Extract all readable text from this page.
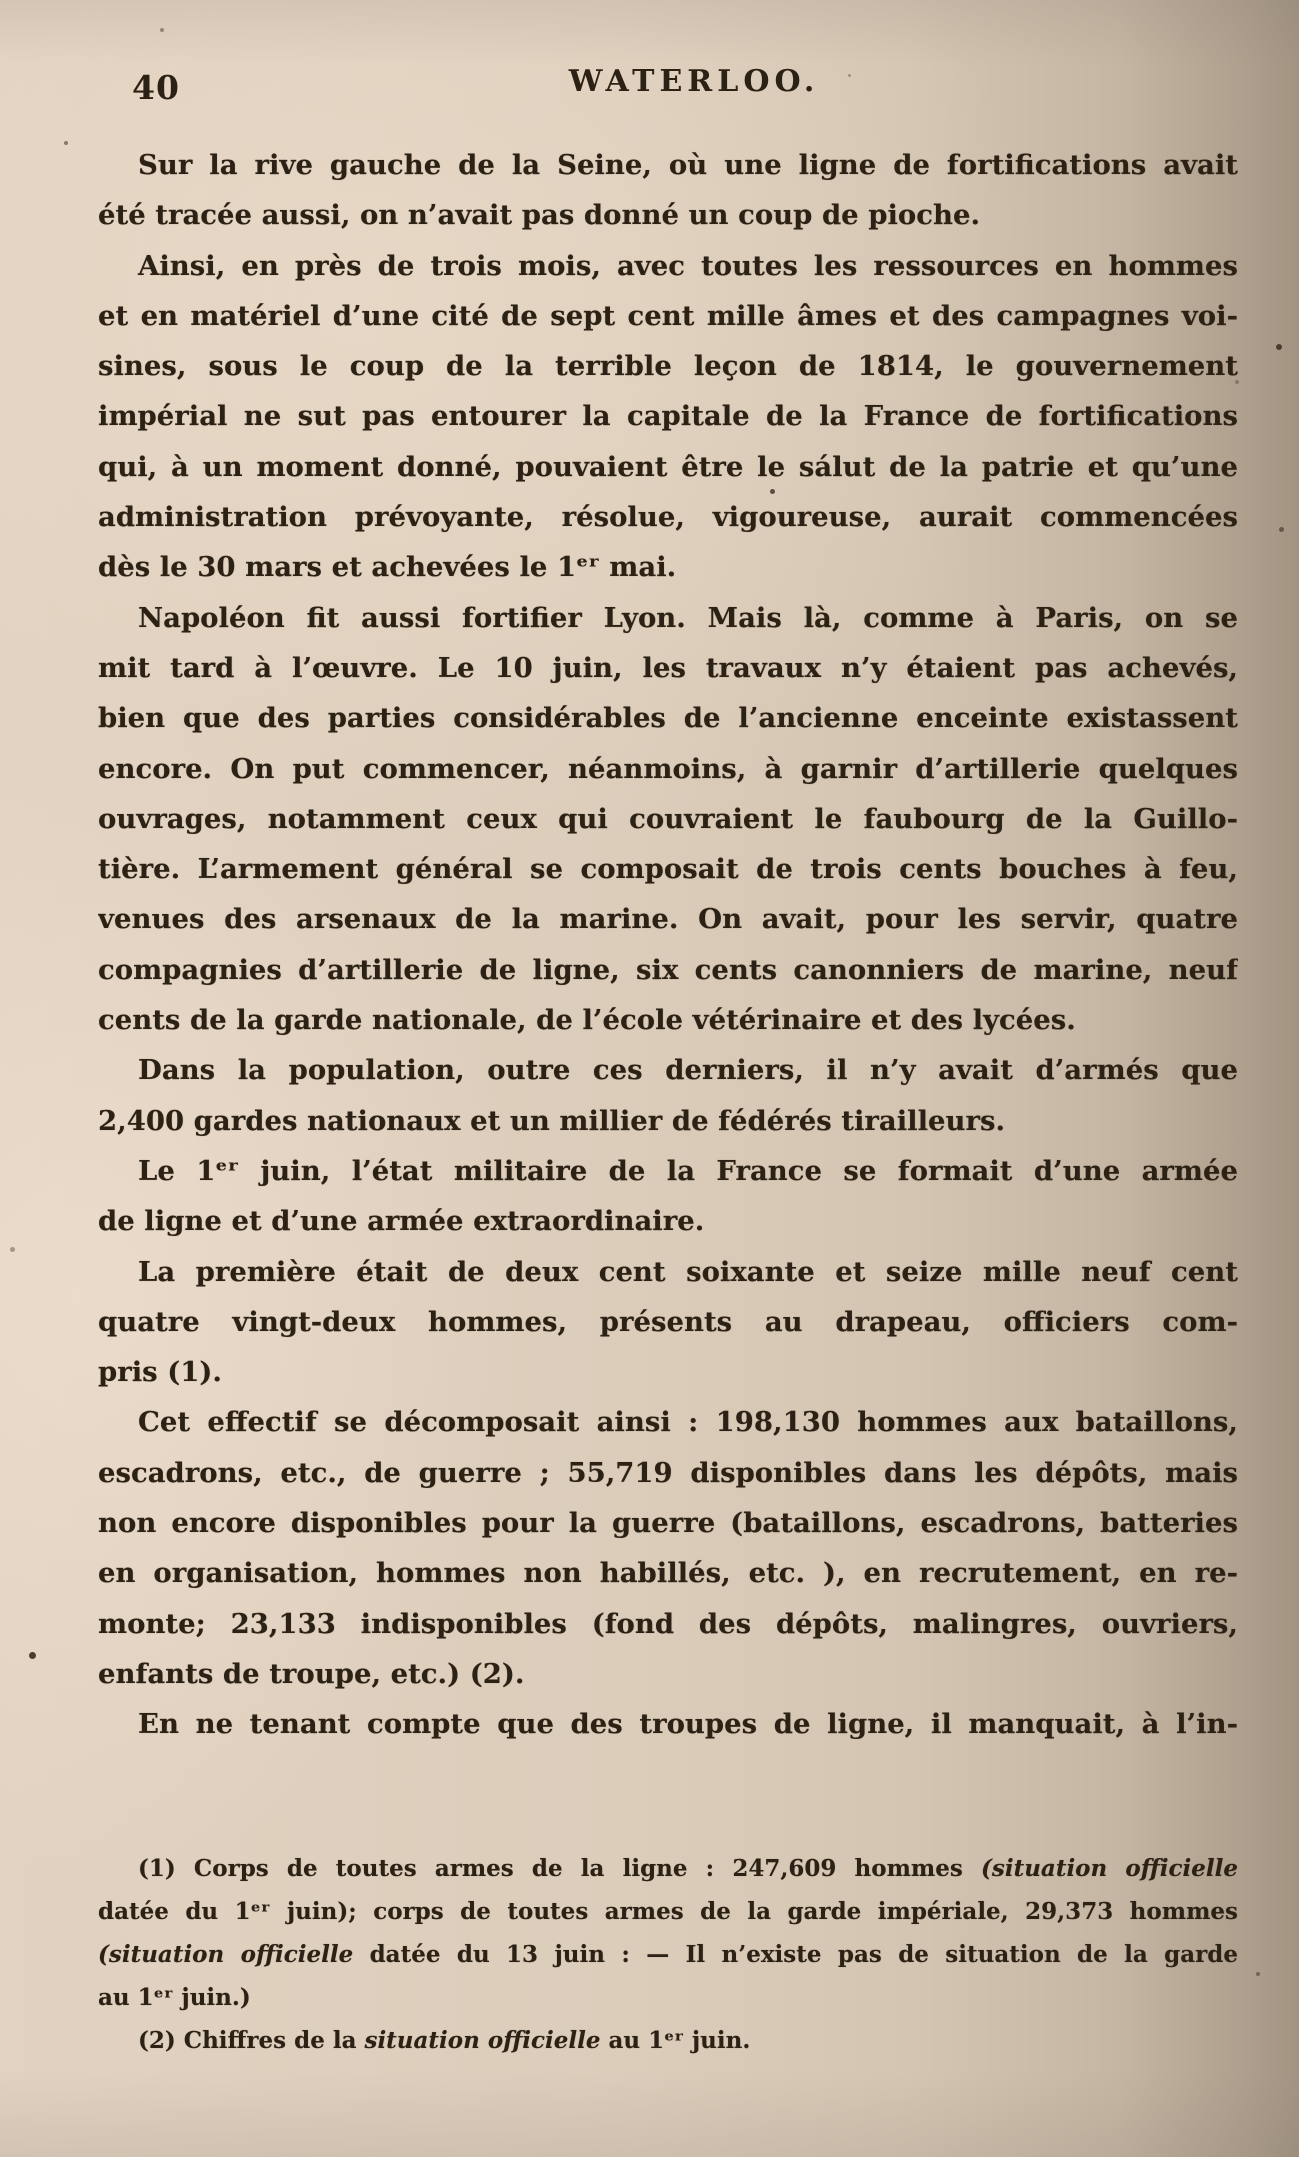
40	WATERLOO.
Sur la rive gauche de la Seine, où une ligne de fortifications avait
été tracée aussi, on n’avait pas donné un coup de pioche.
Ainsi, en près de trois mois, avec toutes les ressources en hommes
et en matériel d’une cité de sept cent mille âmes et des campagnes voi-
sines, sous le coup de la terrible leçon de 1814, le gouvernement
impérial ne sut pas entourer la capitale de la France de fortifications
qui, à un moment donné, pouvaient être le sálut de la patrie et qu’une
administration prévoyante, résolue, vigoureuse, aurait commencées
dès le 30 mars et achevées le 1ᵉʳ mai.
Napoléon fit aussi fortifier Lyon. Mais là, comme à Paris, on se
mit tard à l’œuvre. Le 10 juin, les travaux n’y étaient pas achevés,
bien que des parties considérables de l’ancienne enceinte existassent
encore. On put commencer, néanmoins, à garnir d’artillerie quelques
ouvrages, notamment ceux qui couvraient le faubourg de la Guillo-
tière. L’armement général se composait de trois cents bouches à feu,
venues des arsenaux de la marine. On avait, pour les servir, quatre
compagnies d’artillerie de ligne, six cents canonniers de marine, neuf
cents de la garde nationale, de l’école vétérinaire et des lycées.
Dans la population, outre ces derniers, il n’y avait d’armés que
2,400 gardes nationaux et un millier de fédérés tirailleurs.
Le 1ᵉʳ juin, l’état militaire de la France se formait d’une armée
de ligne et d’une armée extraordinaire.
La première était de deux cent soixante et seize mille neuf cent
quatre vingt-deux hommes, présents au drapeau, officiers com-
pris (1).
Cet effectif se décomposait ainsi : 198,130 hommes aux bataillons,
escadrons, etc., de guerre ; 55,719 disponibles dans les dépôts, mais
non encore disponibles pour la guerre (bataillons, escadrons, batteries
en organisation, hommes non habillés, etc. ), en recrutement, en re-
monte; 23,133 indisponibles (fond des dépôts, malingres, ouvriers,
enfants de troupe, etc.) (2).
En ne tenant compte que des troupes de ligne, il manquait, à l’in-
(1) Corps de toutes armes de la ligne : 247,609 hommes (situation officielle
datée du 1ᵉʳ juin); corps de toutes armes de la garde impériale, 29,373 hommes
(situation officielle datée du 13 juin : — Il n’existe pas de situation de la garde
au 1ᵉʳ juin.)
(2) Chiffres de la situation officielle au 1ᵉʳ juin.
